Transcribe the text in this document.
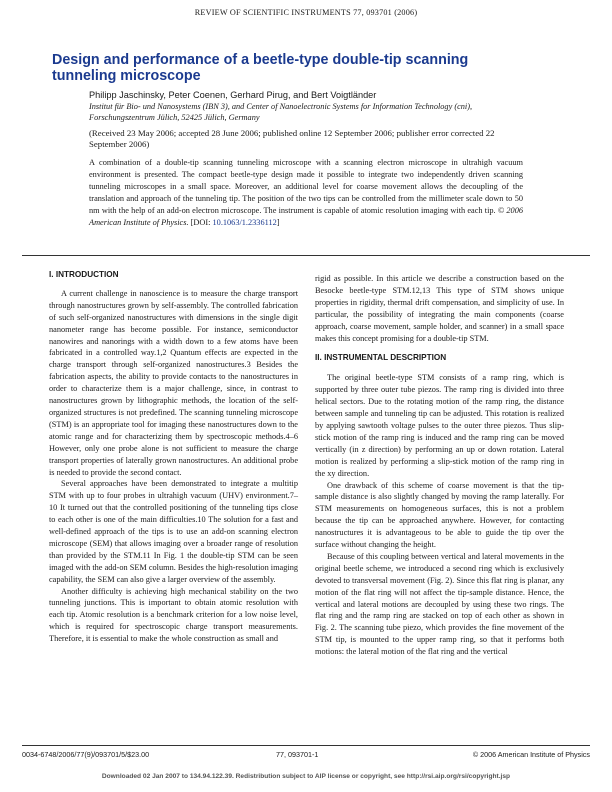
REVIEW OF SCIENTIFIC INSTRUMENTS 77, 093701 (2006)
Design and performance of a beetle-type double-tip scanning tunneling microscope
Philipp Jaschinsky, Peter Coenen, Gerhard Pirug, and Bert Voigtländer
Institut für Bio- und Nanosystems (IBN 3), and Center of Nanoelectronic Systems for Information Technology (cni), Forschungszentrum Jülich, 52425 Jülich, Germany
(Received 23 May 2006; accepted 28 June 2006; published online 12 September 2006; publisher error corrected 22 September 2006)
A combination of a double-tip scanning tunneling microscope with a scanning electron microscope in ultrahigh vacuum environment is presented. The compact beetle-type design made it possible to integrate two independently driven scanning tunneling microscopes in a small space. Moreover, an additional level for coarse movement allows the decoupling of the translation and approach of the tunneling tip. The position of the two tips can be controlled from the millimeter scale down to 50 nm with the help of an add-on electron microscope. The instrument is capable of atomic resolution imaging with each tip. © 2006 American Institute of Physics. [DOI: 10.1063/1.2336112]
I. INTRODUCTION

A current challenge in nanoscience is to measure the charge transport through nanostructures grown by self-assembly. The controlled fabrication of such self-organized nanostructures with dimensions in the single digit nanometer range has become possible. For instance, semiconductor nanowires and nanorings with a width down to a few atoms have been fabricated in a controlled way.1,2 Quantum effects are expected in the charge transport through self-organized nanostructures.3 Besides the fabrication aspects, the ability to provide contacts to the nanostructures in order to characterize them is a major challenge, since, in contrast to nanostructures grown by lithographic methods, the location of the self-organized structures is not predefined. The scanning tunneling microscope (STM) is an appropriate tool for imaging these nanostructures down to the atomic range and for characterizing them by spectroscopic methods.4–6 However, only one probe alone is not sufficient to measure the charge transport properties of laterally grown nanostructures. An additional probe is needed to provide the second contact.

Several approaches have been demonstrated to integrate a multitip STM with up to four probes in ultrahigh vacuum (UHV) environment.7–10 It turned out that the controlled positioning of the tunneling tips close to each other is one of the main difficulties.10 The solution for a fast and well-defined approach of the tips is to use an add-on scanning electron microscope (SEM) that allows imaging over a broader range of resolution than provided by the STM.11 In Fig. 1 the double-tip STM can be seen imaged with the add-on SEM column. Besides the high-resolution imaging capability, the SEM can also give a larger overview of the assembly.

Another difficulty is achieving high mechanical stability on the two tunneling junctions. This is important to obtain atomic resolution with each tip. Atomic resolution is a benchmark criterion for a low noise level, which is required for spectroscopic charge transport measurements. Therefore, it is essential to make the whole construction as small and

rigid as possible. In this article we describe a construction based on the Besocke beetle-type STM.12,13 This type of STM shows unique properties in rigidity, thermal drift compensation, and simplicity of use. In particular, the possibility of integrating the main components (coarse approach, coarse movement, sample holder, and scanner) in a small space makes this concept promising for a double-tip STM.

II. INSTRUMENTAL DESCRIPTION

The original beetle-type STM consists of a ramp ring, which is supported by three outer tube piezos. The ramp ring is divided into three helical sectors. Due to the rotating motion of the ramp ring, the distance between sample and tunneling tip can be adjusted. This rotation is realized by applying sawtooth voltage pulses to the outer three piezos. Thus slip-stick motion of the ramp ring is induced and the ramp ring can be moved vertically (in z direction) by performing an up or down rotation. Lateral motion is realized by performing a slip-stick motion of the ramp ring in the xy direction.

One drawback of this scheme of coarse movement is that the tip-sample distance is also slightly changed by moving the ramp laterally. For STM measurements on homogeneous surfaces, this is not a problem because the tip can be approached anywhere. However, for contacting nanostructures it is advantageous to be able to guide the tip over the surface without changing the height.

Because of this coupling between vertical and lateral movements in the original beetle scheme, we introduced a second ring which is exclusively devoted to transversal movement (Fig. 2). Since this flat ring is planar, any motion of the flat ring will not affect the tip-sample distance. Hence, the vertical and lateral motions are decoupled by using these two rings. The flat ring and the ramp ring are stacked on top of each other as shown in Fig. 2. The scanning tube piezo, which provides the fine movement of the STM tip, is mounted to the upper ramp ring, so that it performs both motions: the lateral motion of the flat ring and the vertical

0034-6748/2006/77(9)/093701/5/$23.00	77, 093701-1	© 2006 American Institute of Physics
Downloaded 02 Jan 2007 to 134.94.122.39. Redistribution subject to AIP license or copyright, see http://rsi.aip.org/rsi/copyright.jsp
